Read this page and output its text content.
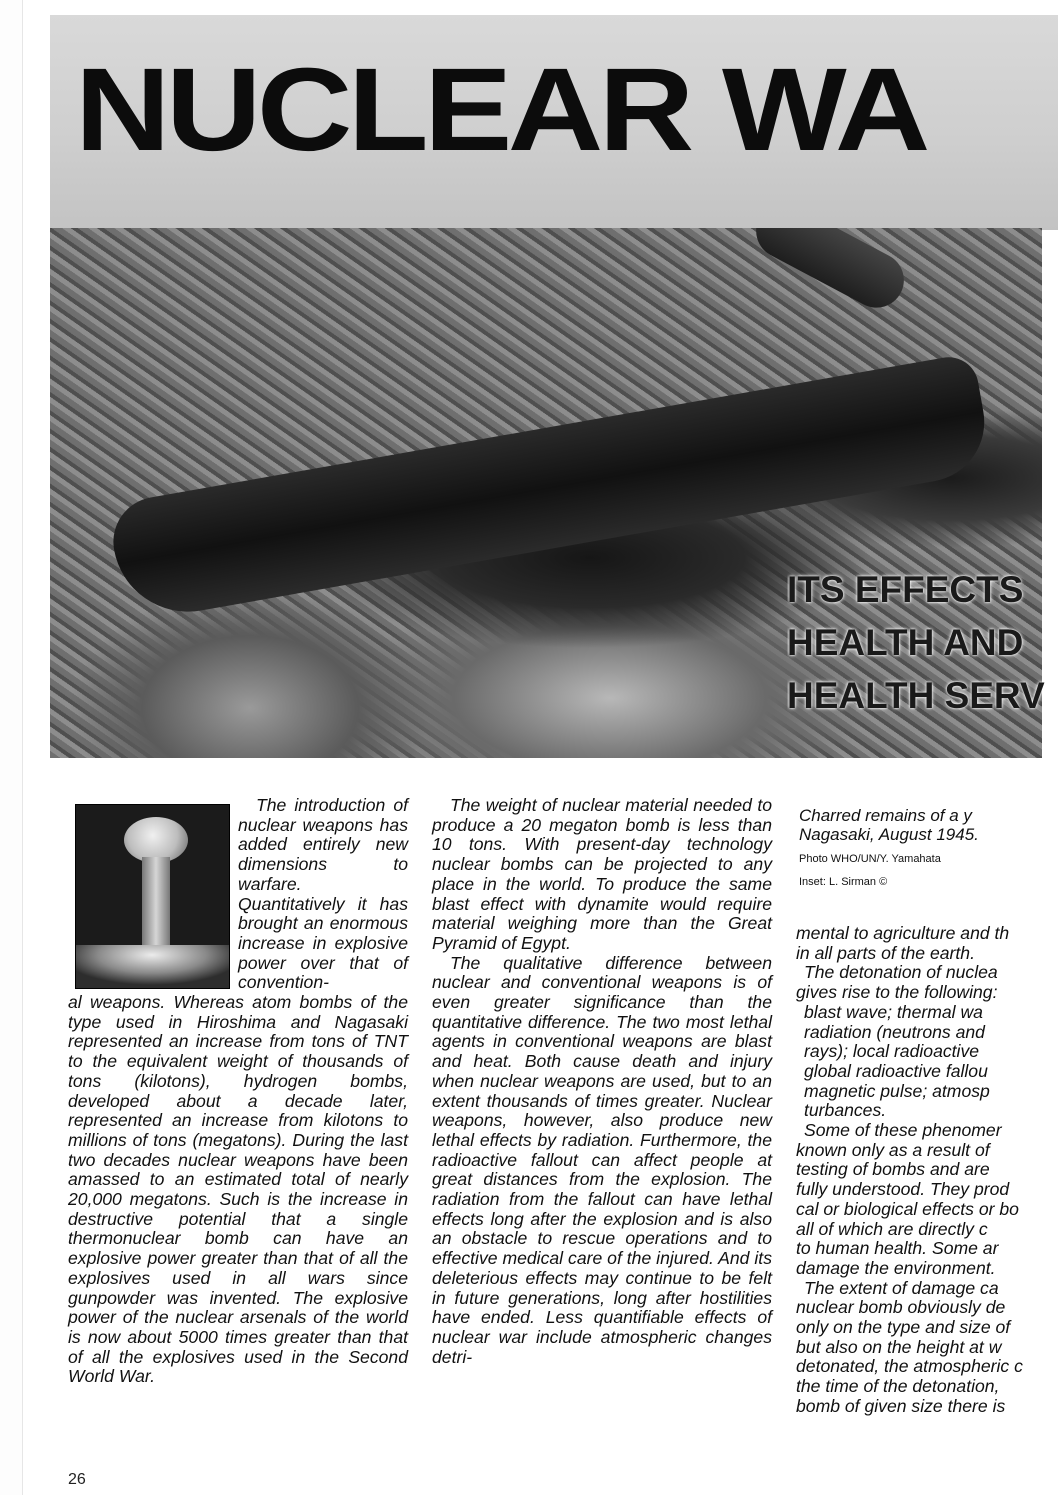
NUCLEAR WA
ITS EFFECTS
HEALTH AND
HEALTH SERV

The introduction of nuclear weapons has added entirely new dimensions to warfare. Quantitatively it has brought an enormous increase in explosive power over that of convention-

al weapons. Whereas atom bombs of the type used in Hiroshima and Nagasaki represented an increase from tons of TNT to the equivalent weight of thousands of tons (kilotons), hydrogen bombs, developed about a decade later, represented an increase from kilotons to millions of tons (megatons). During the last two decades nuclear weapons have been amassed to an estimated total of nearly 20,000 megatons. Such is the increase in destructive potential that a single thermonuclear bomb can have an explosive power greater than that of all the explosives used in all wars since gunpowder was invented. The explosive power of the nuclear arsenals of the world is now about 5000 times greater than that of all the explosives used in the Second World War.

The weight of nuclear material needed to produce a 20 megaton bomb is less than 10 tons. With present-day technology nuclear bombs can be projected to any place in the world. To produce the same blast effect with dynamite would require material weighing more than the Great Pyramid of Egypt.

The qualitative difference between nuclear and conventional weapons is of even greater significance than the quantitative difference. The two most lethal agents in conventional weapons are blast and heat. Both cause death and injury when nuclear weapons are used, but to an extent thousands of times greater. Nuclear weapons, however, also produce new lethal effects by radiation. Furthermore, the radioactive fallout can affect people at great distances from the explosion. The radiation from the fallout can have lethal effects long after the explosion and is also an obstacle to rescue operations and to effective medical care of the injured. And its deleterious effects may continue to be felt in future generations, long after hostilities have ended. Less quantifiable effects of nuclear war include atmospheric changes detri-

Charred remains of a y
Nagasaki, August 1945.
Photo WHO/UN/Y. Yamahata
Inset: L. Sirman ©
mental to agriculture and th
in all parts of the earth.
The detonation of nuclea
gives rise to the following:
blast wave; thermal wa
radiation (neutrons and
rays); local radioactive
global radioactive fallou
magnetic pulse; atmosp
turbances.
Some of these phenomer
known only as a result of
testing of bombs and are
fully understood. They prod
cal or biological effects or bo
all of which are directly c
to human health. Some ar
damage the environment.
The extent of damage ca
nuclear bomb obviously de
only on the type and size of
but also on the height at w
detonated, the atmospheric c
the time of the detonation,
bomb of given size there is
26
